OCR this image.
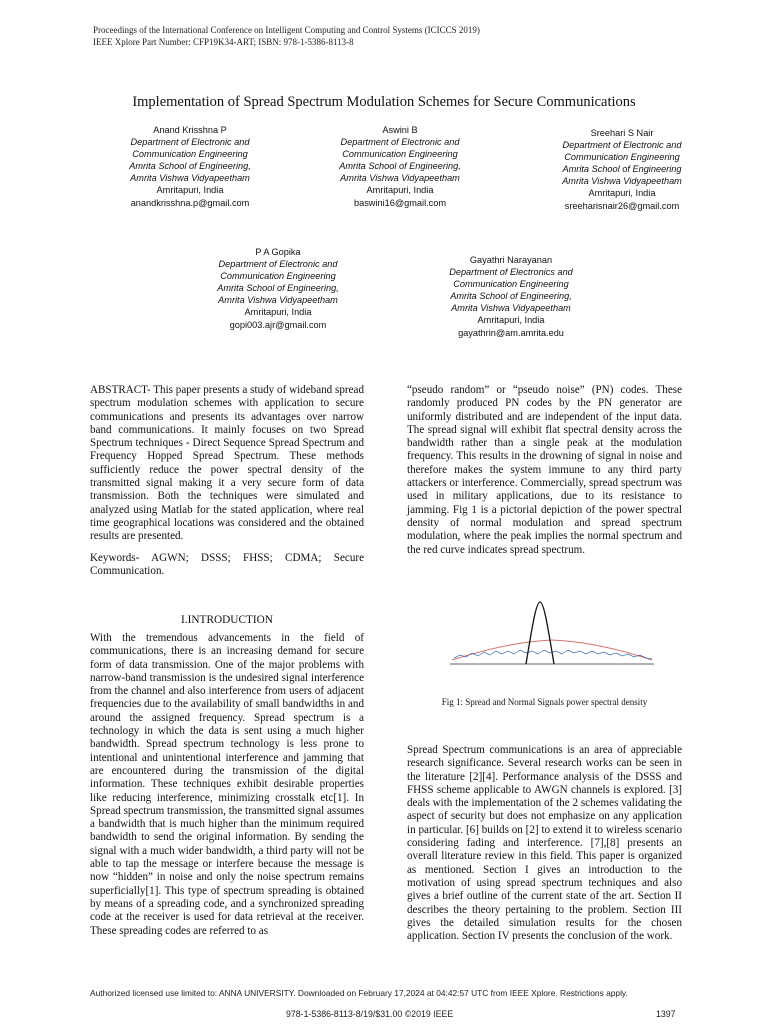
Proceedings of the International Conference on Intelligent Computing and Control Systems (ICICCS 2019)
IEEE Xplore Part Number: CFP19K34-ART; ISBN: 978-1-5386-8113-8
Implementation of Spread Spectrum Modulation Schemes for Secure Communications
Anand Krisshna P
Department of Electronic and
Communication Engineering
Amrita School of Engineering,
Amrita Vishwa Vidyapeetham
Amritapuri, India
anandkrisshna.p@gmail.com
Aswini B
Department of Electronic and
Communication Engineering
Amrita School of Engineering,
Amrita Vishwa Vidyapeetham
Amritapuri, India
baswini16@gmail.com
Sreehari S Nair
Department of Electronic and
Communication Engineering
Amrita School of Engineering
Amrita Vishwa Vidyapeetham
Amritapuri, India
sreeharisnair26@gmail.com
P A Gopika
Department of Electronic and
Communication Engineering
Amrita School of Engineering,
Amrita Vishwa Vidyapeetham
Amritapuri, India
gopi003.ajr@gmail.com
Gayathri Narayanan
Department of Electronics and
Communication Engineering
Amrita School of Engineering,
Amrita Vishwa Vidyapeetham
Amritapuri, India
gayathrin@am.amrita.edu

ABSTRACT- This paper presents a study of wideband spread spectrum modulation schemes with application to secure communications and presents its advantages over narrow band communications. It mainly focuses on two Spread Spectrum techniques - Direct Sequence Spread Spectrum and Frequency Hopped Spread Spectrum. These methods sufficiently reduce the power spectral density of the transmitted signal making it a very secure form of data transmission. Both the techniques were simulated and analyzed using Matlab for the stated application, where real time geographical locations was considered and the obtained results are presented.

Keywords- AGWN; DSSS; FHSS; CDMA; Secure Communication.

I.INTRODUCTION

With the tremendous advancements in the field of communications, there is an increasing demand for secure form of data transmission. One of the major problems with narrow-band transmission is the undesired signal interference from the channel and also interference from users of adjacent frequencies due to the availability of small bandwidths in and around the assigned frequency. Spread spectrum is a technology in which the data is sent using a much higher bandwidth. Spread spectrum technology is less prone to intentional and unintentional interference and jamming that are encountered during the transmission of the digital information. These techniques exhibit desirable properties like reducing interference, minimizing crosstalk etc[1]. In Spread spectrum transmission, the transmitted signal assumes a bandwidth that is much higher than the minimum required bandwidth to send the original information. By sending the signal with a much wider bandwidth, a third party will not be able to tap the message or interfere because the message is now “hidden” in noise and only the noise spectrum remains superficially[1]. This type of spectrum spreading is obtained by means of a spreading code, and a synchronized spreading code at the receiver is used for data retrieval at the receiver. These spreading codes are referred to as

“pseudo random” or “pseudo noise” (PN) codes. These randomly produced PN codes by the PN generator are uniformly distributed and are independent of the input data. The spread signal will exhibit flat spectral density across the bandwidth rather than a single peak at the modulation frequency. This results in the drowning of signal in noise and therefore makes the system immune to any third party attackers or interference. Commercially, spread spectrum was used in military applications, due to its resistance to jamming. Fig 1 is a pictorial depiction of the power spectral density of normal modulation and spread spectrum modulation, where the peak implies the normal spectrum and the red curve indicates spread spectrum.

Fig 1: Spread and Normal Signals power spectral density

Spread Spectrum communications is an area of appreciable research significance. Several research works can be seen in the literature [2][4]. Performance analysis of the DSSS and FHSS scheme applicable to AWGN channels is explored. [3] deals with the implementation of the 2 schemes validating the aspect of security but does not emphasize on any application in particular. [6] builds on [2] to extend it to wireless scenario considering fading and interference. [7],[8] presents an overall literature review in this field. This paper is organized as mentioned. Section I gives an introduction to the motivation of using spread spectrum techniques and also gives a brief outline of the current state of the art. Section II describes the theory pertaining to the problem. Section III gives the detailed simulation results for the chosen application. Section IV presents the conclusion of the work.

Authorized licensed use limited to: ANNA UNIVERSITY. Downloaded on February 17,2024 at 04:42:57 UTC from IEEE Xplore. Restrictions apply.
978-1-5386-8113-8/19/$31.00 ©2019 IEEE	1397
